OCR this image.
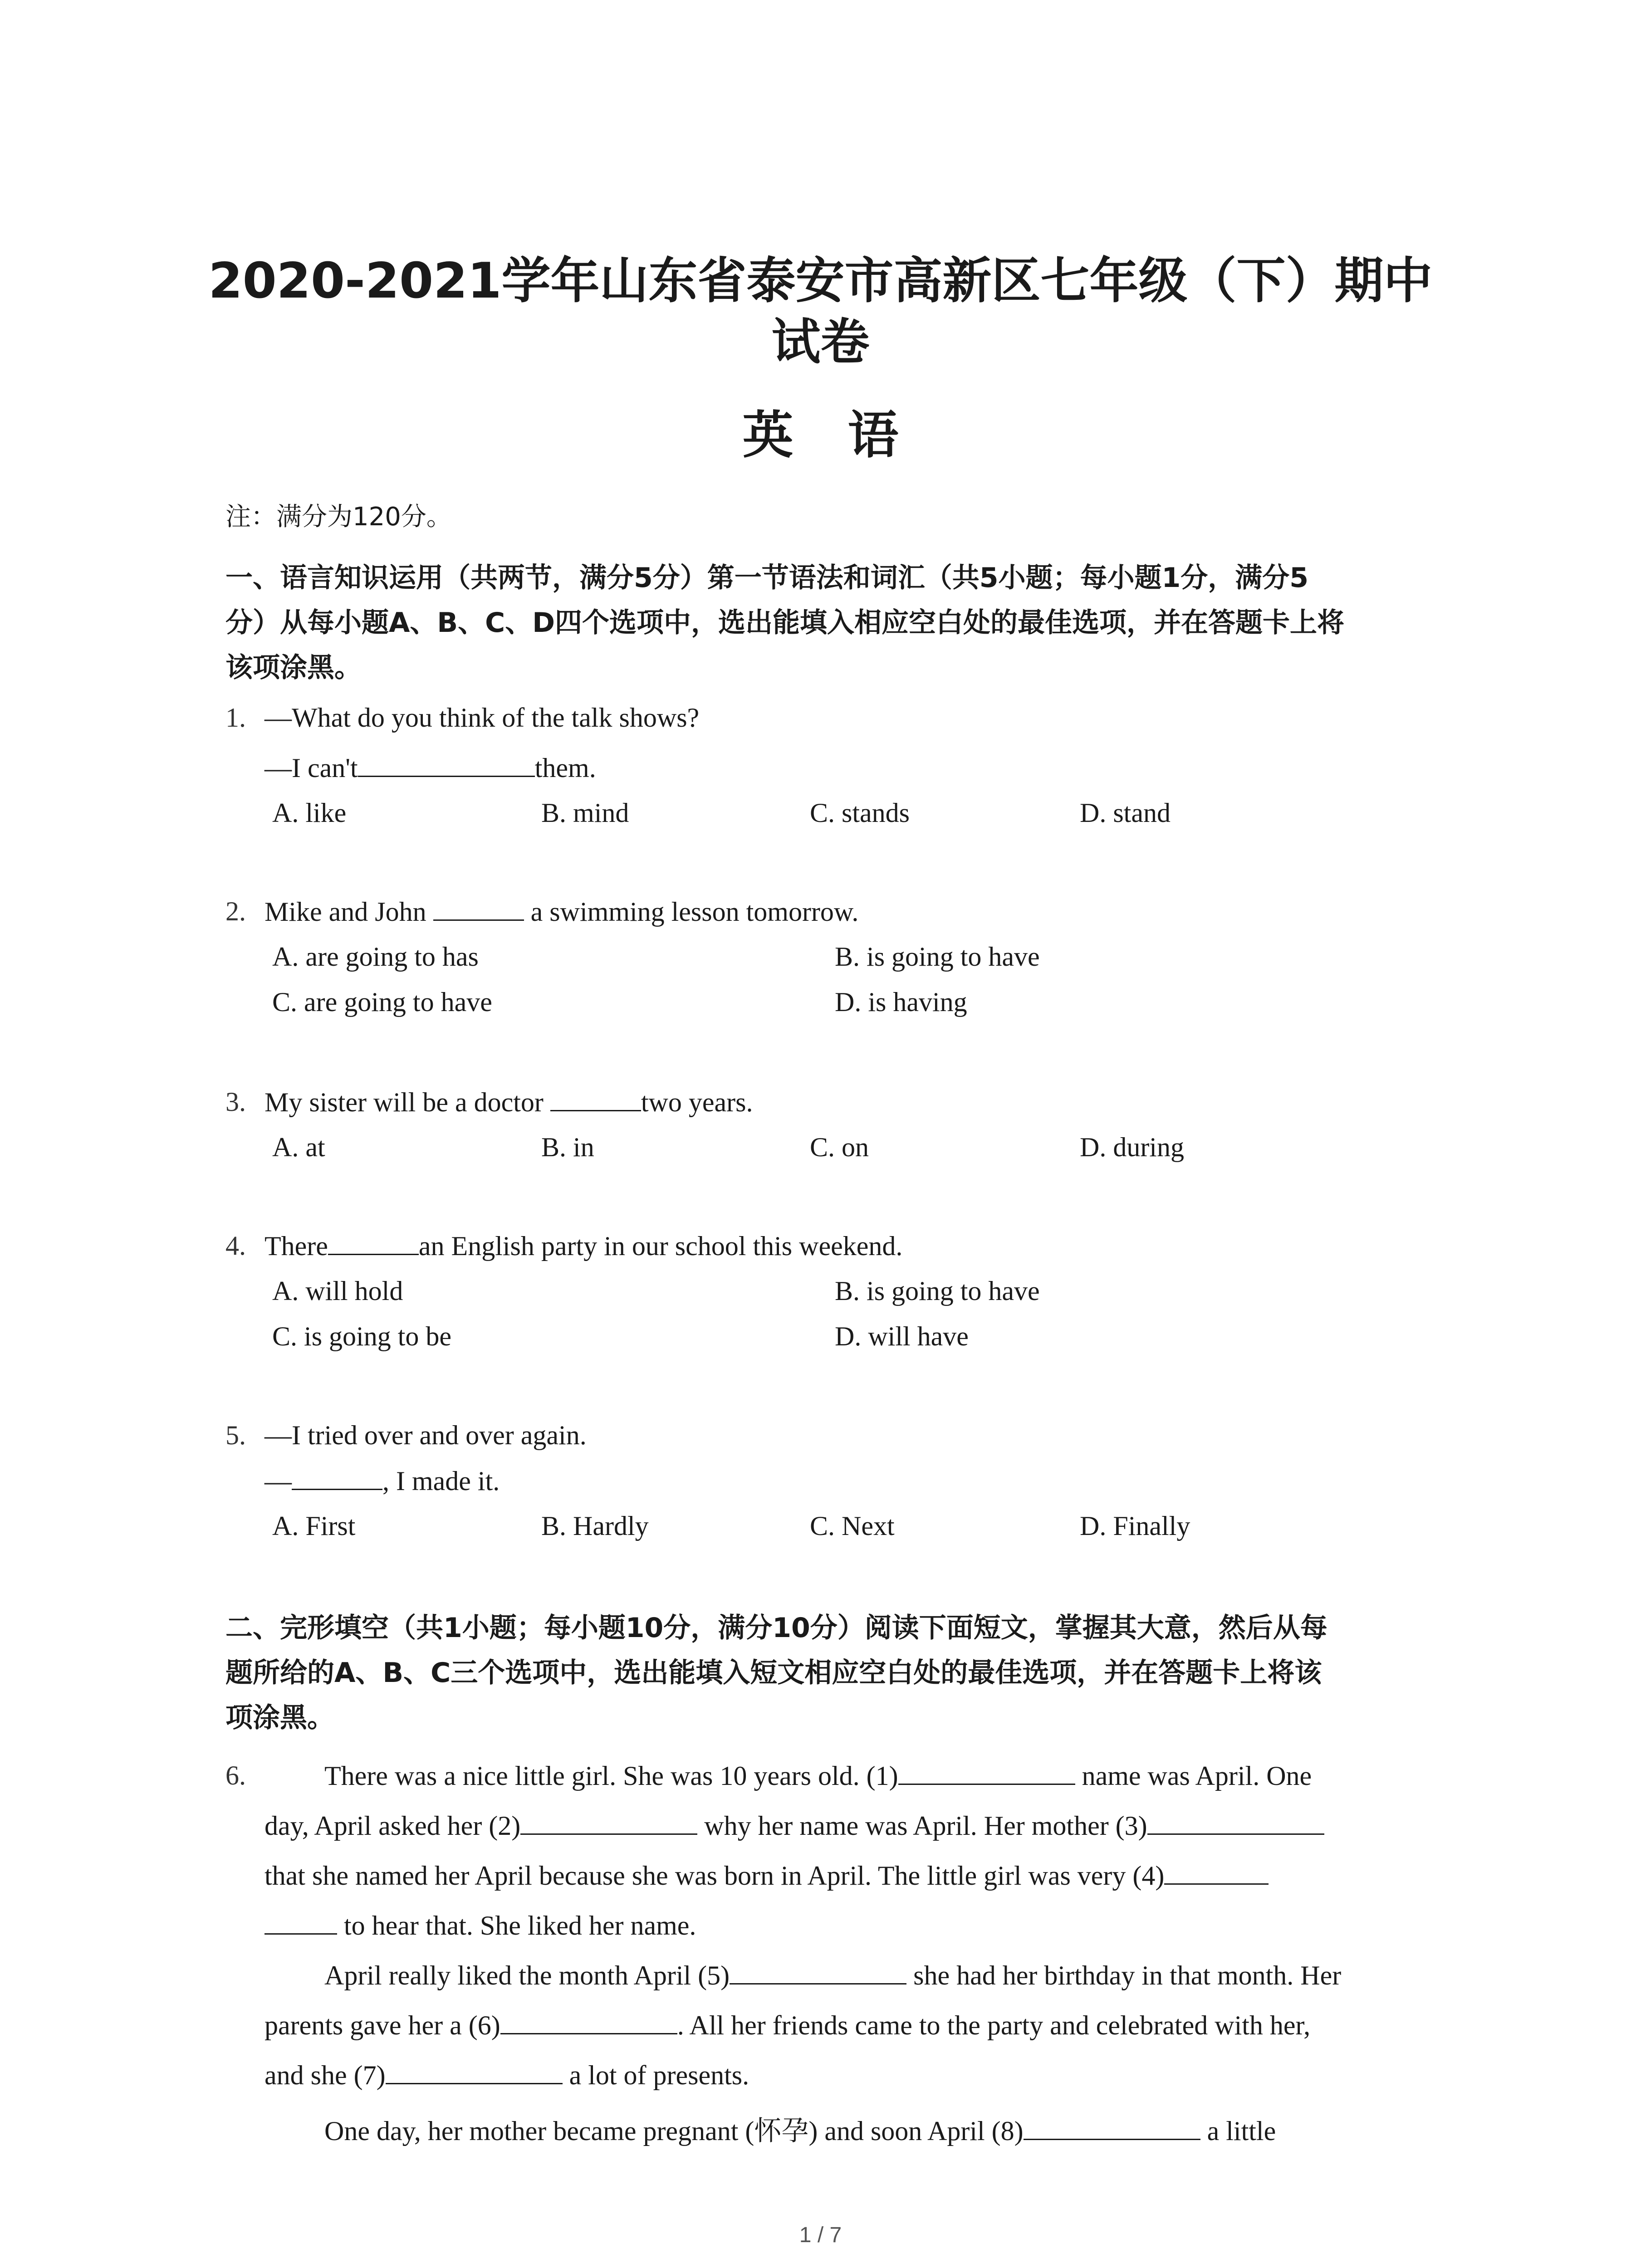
2020-2021学年山东省泰安市高新区七年级（下）期中
试卷
英语
注：满分为120分。
一、语言知识运用（共两节，满分5分）第一节语法和词汇（共5小题；每小题1分，满分5
分）从每小题A、B、C、D四个选项中，选出能填入相应空白处的最佳选项，并在答题卡上将
该项涂黑。
1. —What do you think of the talk shows?
—I can't	them.
A. like	B. mind	C. stands	D. stand
2. Mike and John	a swimming lesson tomorrow.
A. are going to has	B. is going to have
C. are going to have	D. is having
3. My sister will be a doctor	two years.
A. at	B. in	C. on	D. during
4. There	an English party in our school this weekend.
A. will hold	B. is going to have
C. is going to be	D. will have
5. —I tried over and over again.
—	, I made it.
A. First	B. Hardly	C. Next	D. Finally
二、完形填空（共1小题；每小题10分，满分10分）阅读下面短文，掌握其大意，然后从每
题所给的A、B、C三个选项中，选出能填入短文相应空白处的最佳选项，并在答题卡上将该
项涂黑。
6.	There was a nice little girl. She was 10 years old. (1)	name was April. One
day, April asked her (2)	why her name was April. Her mother (3)
that she named her April because she was born in April. The little girl was very (4)
to hear that. She liked her name.
April really liked the month April (5)	she had her birthday in that month. Her
parents gave her a (6)	. All her friends came to the party and celebrated with her,
and she (7)	a lot of presents.
One day, her mother became pregnant (怀孕) and soon April (8)	a little
1 / 7
